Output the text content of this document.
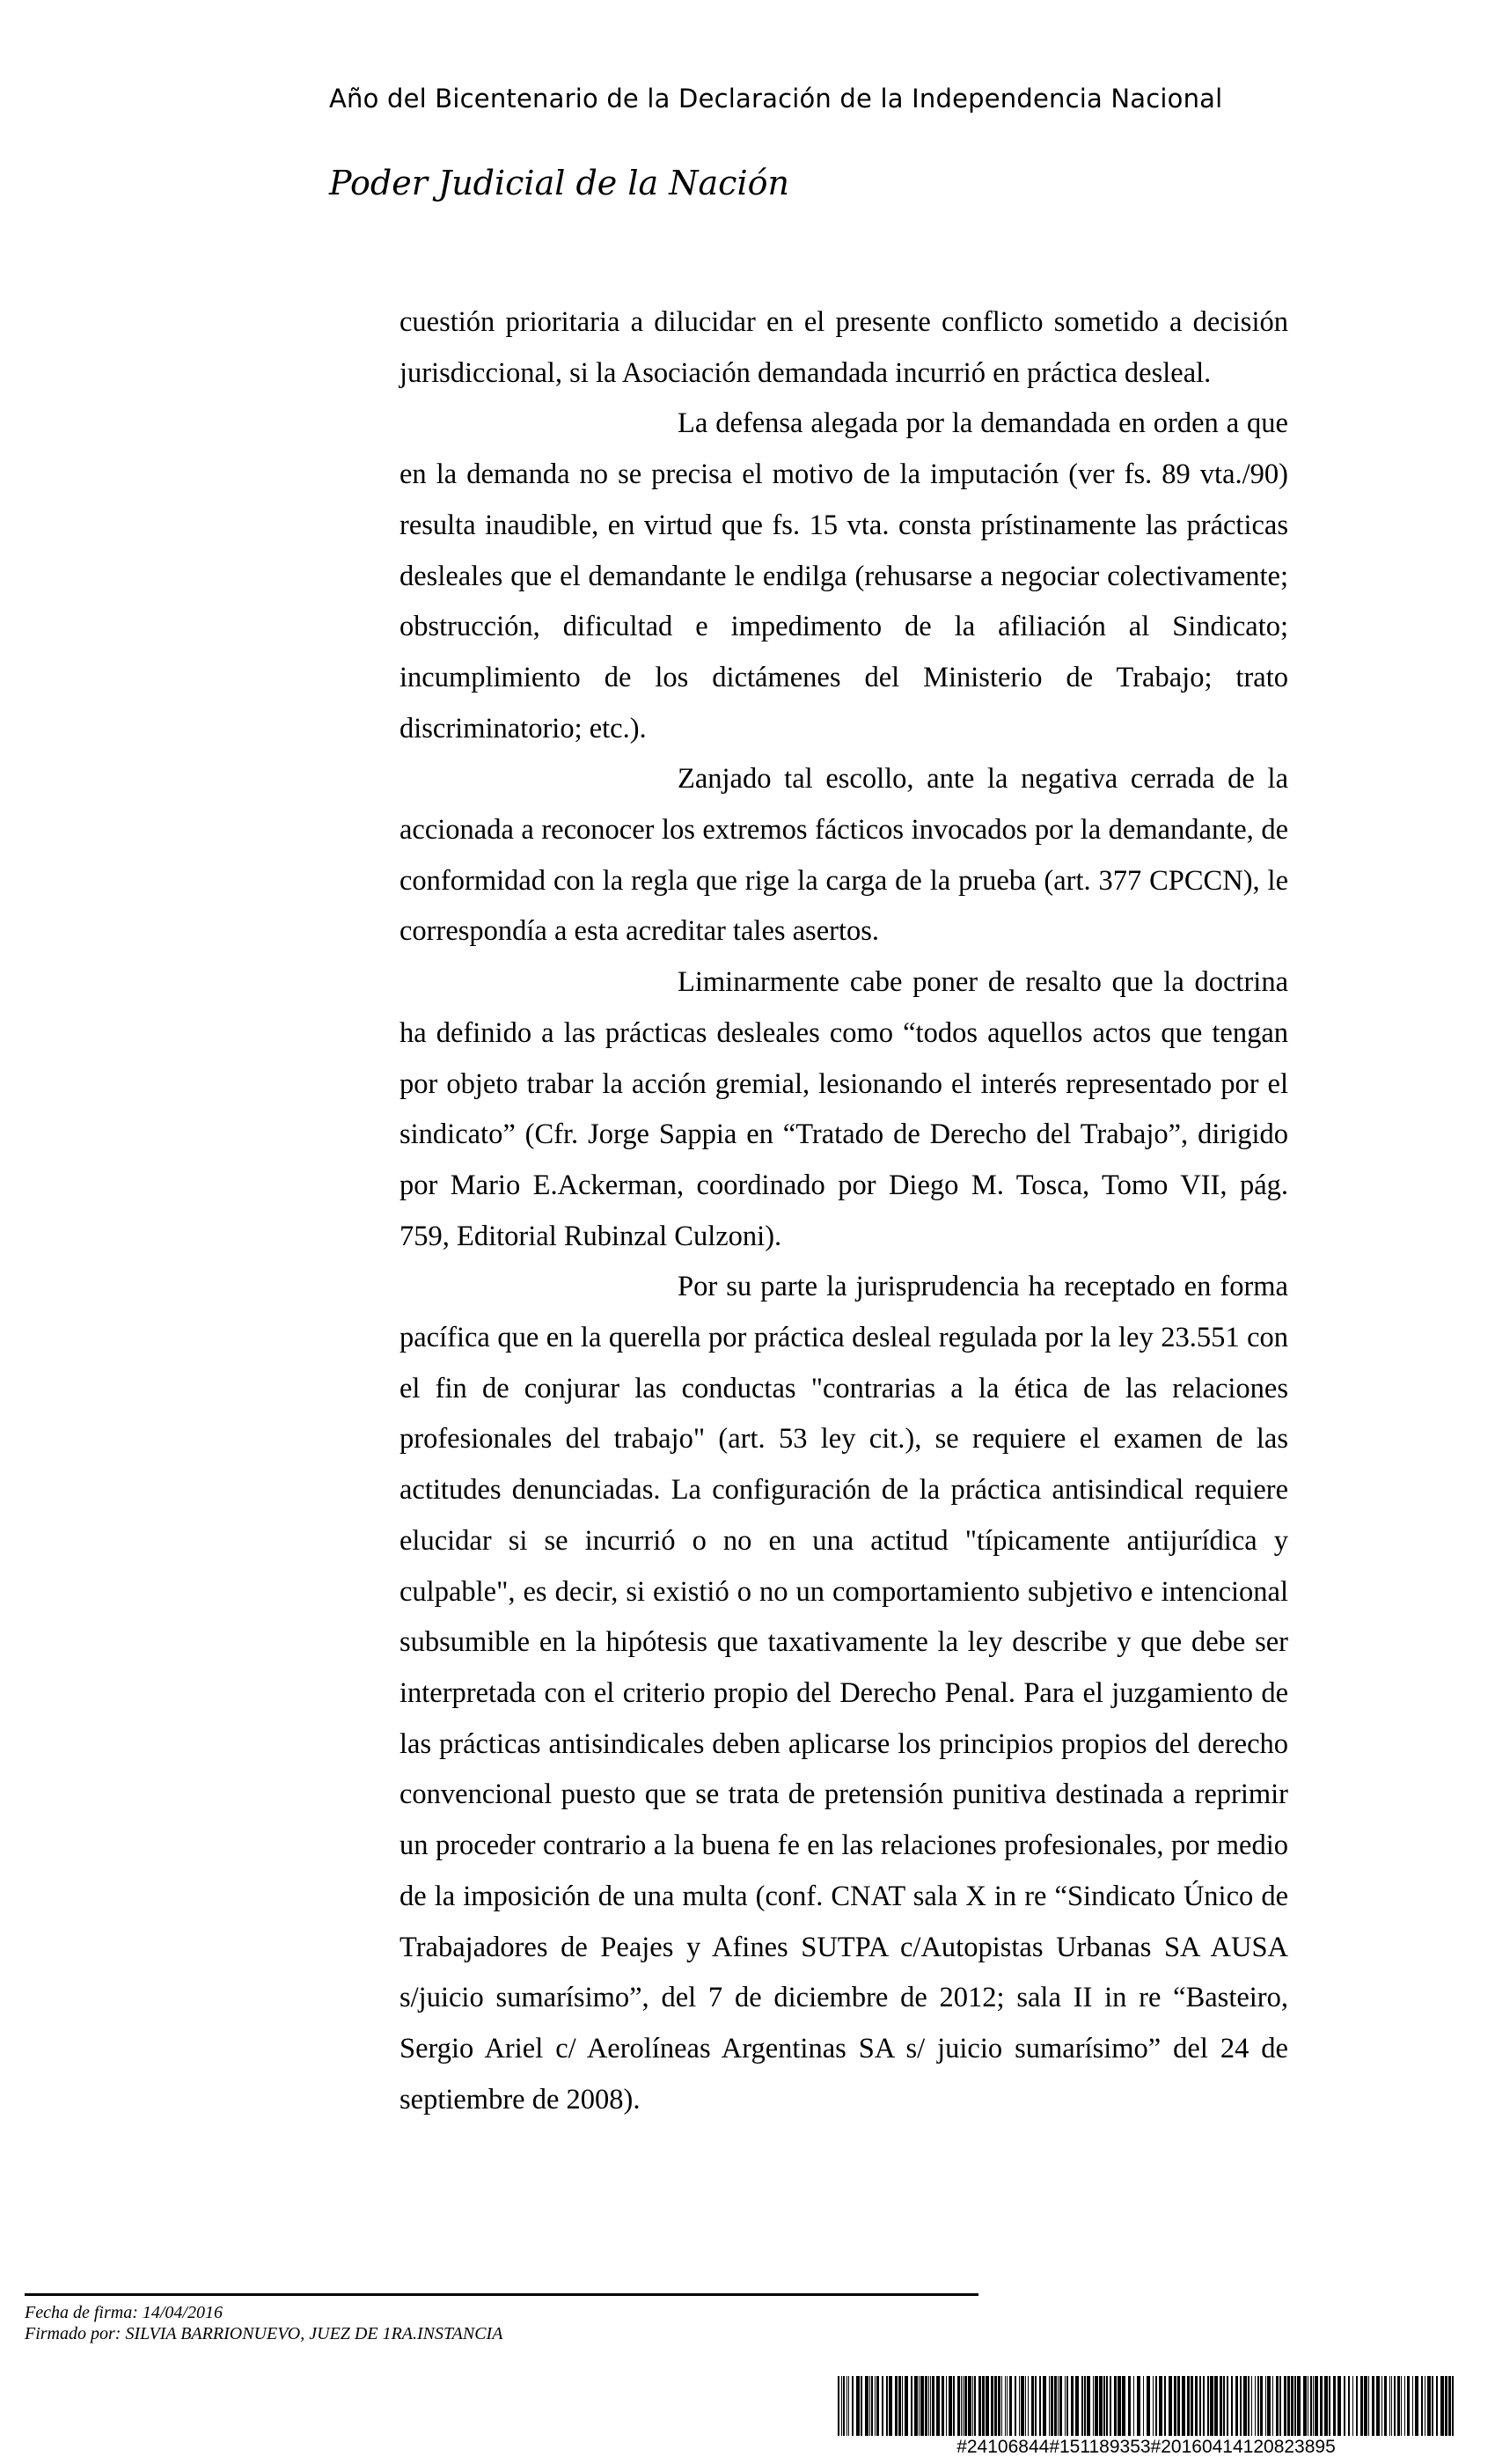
Año del Bicentenario de la Declaración de la Independencia Nacional
Poder Judicial de la Nación

cuestión prioritaria a dilucidar en el presente conflicto sometido a decisión jurisdiccional, si la Asociación demandada incurrió en práctica desleal.

La defensa alegada por la demandada en orden a que en la demanda no se precisa el motivo de la imputación (ver fs. 89 vta./90) resulta inaudible, en virtud que fs. 15 vta. consta prístinamente las prácticas desleales que el demandante le endilga (rehusarse a negociar colectivamente; obstrucción, dificultad e impedimento de la afiliación al Sindicato; incumplimiento de los dictámenes del Ministerio de Trabajo; trato discriminatorio; etc.).

Zanjado tal escollo, ante la negativa cerrada de la accionada a reconocer los extremos fácticos invocados por la demandante, de conformidad con la regla que rige la carga de la prueba (art. 377 CPCCN), le correspondía a esta acreditar tales asertos.

Liminarmente cabe poner de resalto que la doctrina ha definido a las prácticas desleales como “todos aquellos actos que tengan por objeto trabar la acción gremial, lesionando el interés representado por el sindicato” (Cfr. Jorge Sappia en “Tratado de Derecho del Trabajo”, dirigido por Mario E.Ackerman, coordinado por Diego M. Tosca, Tomo VII, pág. 759, Editorial Rubinzal Culzoni).

Por su parte la jurisprudencia ha receptado en forma pacífica que en la querella por práctica desleal regulada por la ley 23.551 con el fin de conjurar las conductas "contrarias a la ética de las relaciones profesionales del trabajo" (art. 53 ley cit.), se requiere el examen de las actitudes denunciadas. La configuración de la práctica antisindical requiere elucidar si se incurrió o no en una actitud "típicamente antijurídica y culpable", es decir, si existió o no un comportamiento subjetivo e intencional subsumible en la hipótesis que taxativamente la ley describe y que debe ser interpretada con el criterio propio del Derecho Penal. Para el juzgamiento de las prácticas antisindicales deben aplicarse los principios propios del derecho convencional puesto que se trata de pretensión punitiva destinada a reprimir un proceder contrario a la buena fe en las relaciones profesionales, por medio de la imposición de una multa (conf. CNAT sala X in re “Sindicato Único de Trabajadores de Peajes y Afines SUTPA c/Autopistas Urbanas SA AUSA s/juicio sumarísimo”, del 7 de diciembre de 2012; sala II in re “Basteiro, Sergio Ariel c/ Aerolíneas Argentinas SA s/ juicio sumarísimo” del 24 de septiembre de 2008).

Fecha de firma: 14/04/2016
Firmado por: SILVIA BARRIONUEVO, JUEZ DE 1RA.INSTANCIA
#24106844#151189353#20160414120823895
